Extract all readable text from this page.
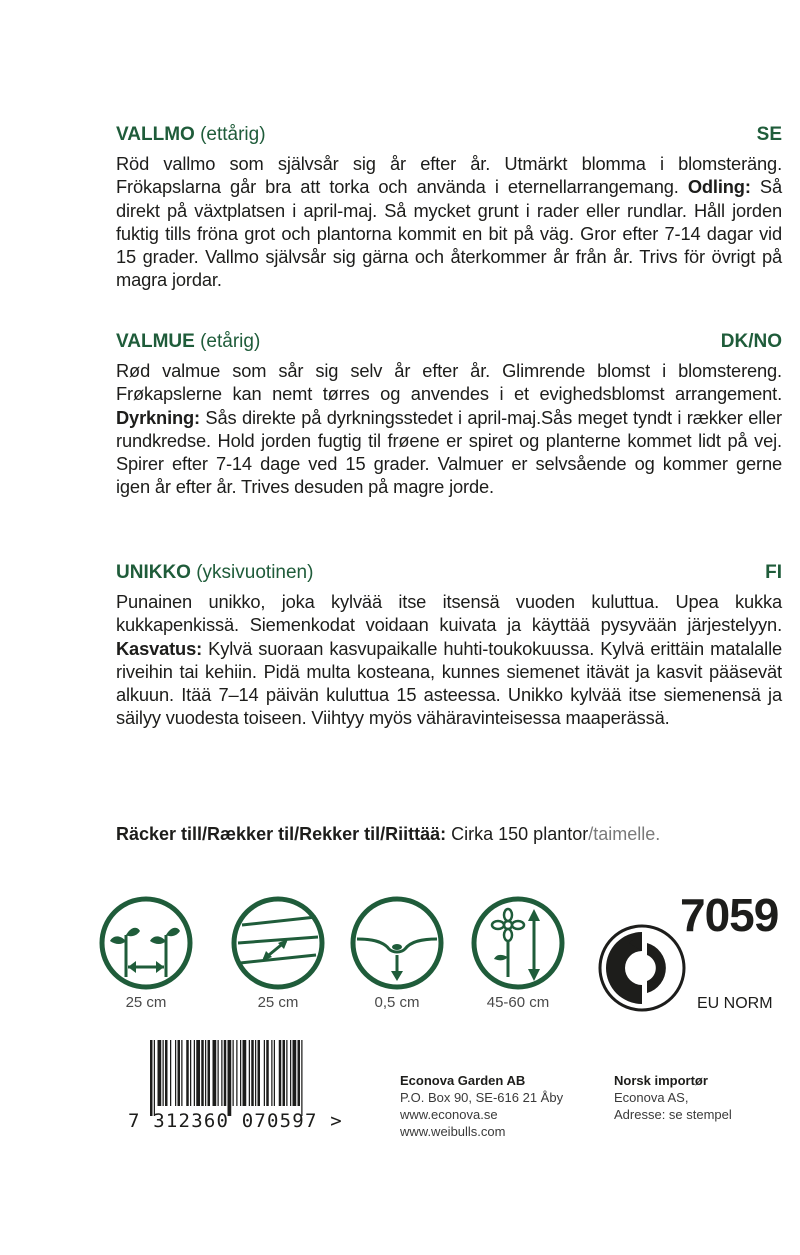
VALLMO (ettårig)	SE
Röd vallmo som självsår sig år efter år. Utmärkt blomma i blomsteräng. Frökapslarna går bra att torka och använda i eternellarrangemang. Odling: Så direkt på växtplatsen i april-maj. Så mycket grunt i rader eller rundlar. Håll jorden fuktig tills fröna grot och plantorna kommit en bit på väg. Gror efter 7-14 dagar vid 15 grader. Vallmo självsår sig gärna och återkommer år från år. Trivs för övrigt på magra jordar.
VALMUE (etårig)	DK/NO
Rød valmue som sår sig selv år efter år. Glimrende blomst i blomstereng. Frøkapslerne kan nemt tørres og anvendes i et evighedsblomst arrangement. Dyrkning: Sås direkte på dyrkningsstedet i april-maj.Sås meget tyndt i rækker eller rundkredse. Hold jorden fugtig til frøene er spiret og planterne kommet lidt på vej. Spirer efter 7-14 dage ved 15 grader. Valmuer er selvsående og kommer gerne igen år efter år. Trives desuden på magre jorde.
UNIKKO (yksivuotinen)	FI
Punainen unikko, joka kylvää itse itsensä vuoden kuluttua. Upea kukka kukkapenkissä. Siemenkodat voidaan kuivata ja käyttää pysyvään järjestelyyn. Kasvatus: Kylvä suoraan kasvupaikalle huhti-toukokuussa. Kylvä erittäin matalalle riveihin tai kehiin. Pidä multa kosteana, kunnes siemenet itävät ja kasvit pääsevät alkuun. Itää 7–14 päivän kuluttua 15 asteessa. Unikko kylvää itse siemenensä ja säilyy vuodesta toiseen. Viihtyy myös vähäravinteisessa maaperässä.
Räcker till/Rækker til/Rekker til/Riittää: Cirka 150 plantor/taimelle.
25 cm	25 cm	0,5 cm	45-60 cm
7059
EU NORM
7 312360 070597 >
Econova Garden AB
P.O. Box 90, SE-616 21 Åby
www.econova.se
www.weibulls.com
Norsk importør
Econova AS,
Adresse: se stempel
